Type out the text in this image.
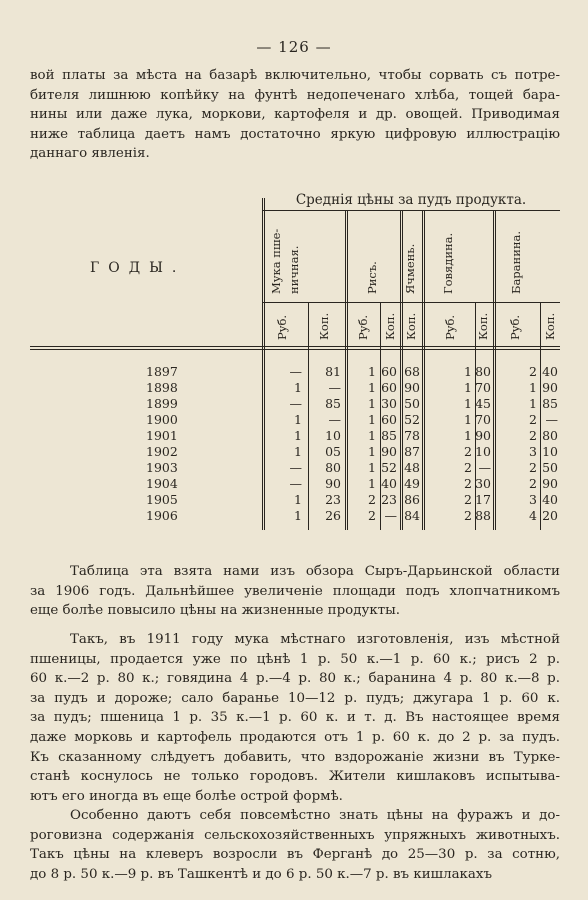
— 126 —
вой платы за мѣста на базарѣ включительно, чтобы сорвать съ потре-
бителя лишнюю копѣйку на фунтѣ недопеченаго хлѣба, тощей бара-
нины или даже лука, моркови, картофеля и др. овощей. Приводимая
ниже таблица даетъ намъ достаточно яркую цифровую иллюстрацію
даннаго явленія.
Среднія цѣны за пудъ продукта.
ГОДЫ.	Мука пше- ничная.	Рисъ. Ячмень. Говядина.	Баранина.
Руб. Коп. Руб. Коп. Коп. Руб. Коп. Руб. Коп.
1897	— 81 1 60 68	1 80	2 40
1898	1 — 1 60 90	1 70	1 90
1899	— 85 1 30 50	1 45	1 85
1900	1 — 1 60 52	1 70	2 —
1901	1 10 1 85 78	1 90	2 80
1902	1 05 1 90 87	2 10	3 10
1903	— 80 1 52 48	2 —	2 50
1904	— 90 1 40 49	2 30	2 90
1905	1 23 2 23 86	2 17	3 40
1906	1 26 2 — 84	2 88	4 20
Таблица эта взята нами изъ обзора Сыръ-Дарьинской области
за 1906 годъ. Дальнѣйшее увеличеніе площади подъ хлопчатникомъ
еще болѣе повысило цѣны на жизненные продукты.
Такъ, въ 1911 году мука мѣстнаго изготовленія, изъ мѣстной
пшеницы, продается уже по цѣнѣ 1 р. 50 к.—1 р. 60 к.; рисъ 2 р.
60 к.—2 р. 80 к.; говядина 4 р.—4 р. 80 к.; баранина 4 р. 80 к.—8 р.
за пудъ и дороже; сало баранье 10—12 р. пудъ; джугара 1 р. 60 к.
за пудъ; пшеница 1 р. 35 к.—1 р. 60 к. и т. д. Въ настоящее время
даже морковь и картофель продаются отъ 1 р. 60 к. до 2 р. за пудъ.
Къ сказанному слѣдуетъ добавить, что вздорожаніе жизни въ Турке-
станѣ коснулось не только городовъ. Жители кишлаковъ испытыва-
ютъ его иногда въ еще болѣе острой формѣ.
Особенно даютъ себя повсемѣстно знать цѣны на фуражъ и до-
роговизна содержанія сельскохозяйственныхъ упряжныхъ животныхъ.
Такъ цѣны на клеверъ возросли въ Ферганѣ до 25—30 р. за сотню,
до 8 р. 50 к.—9 р. въ Ташкентѣ и до 6 р. 50 к.—7 р. въ кишлакахъ
